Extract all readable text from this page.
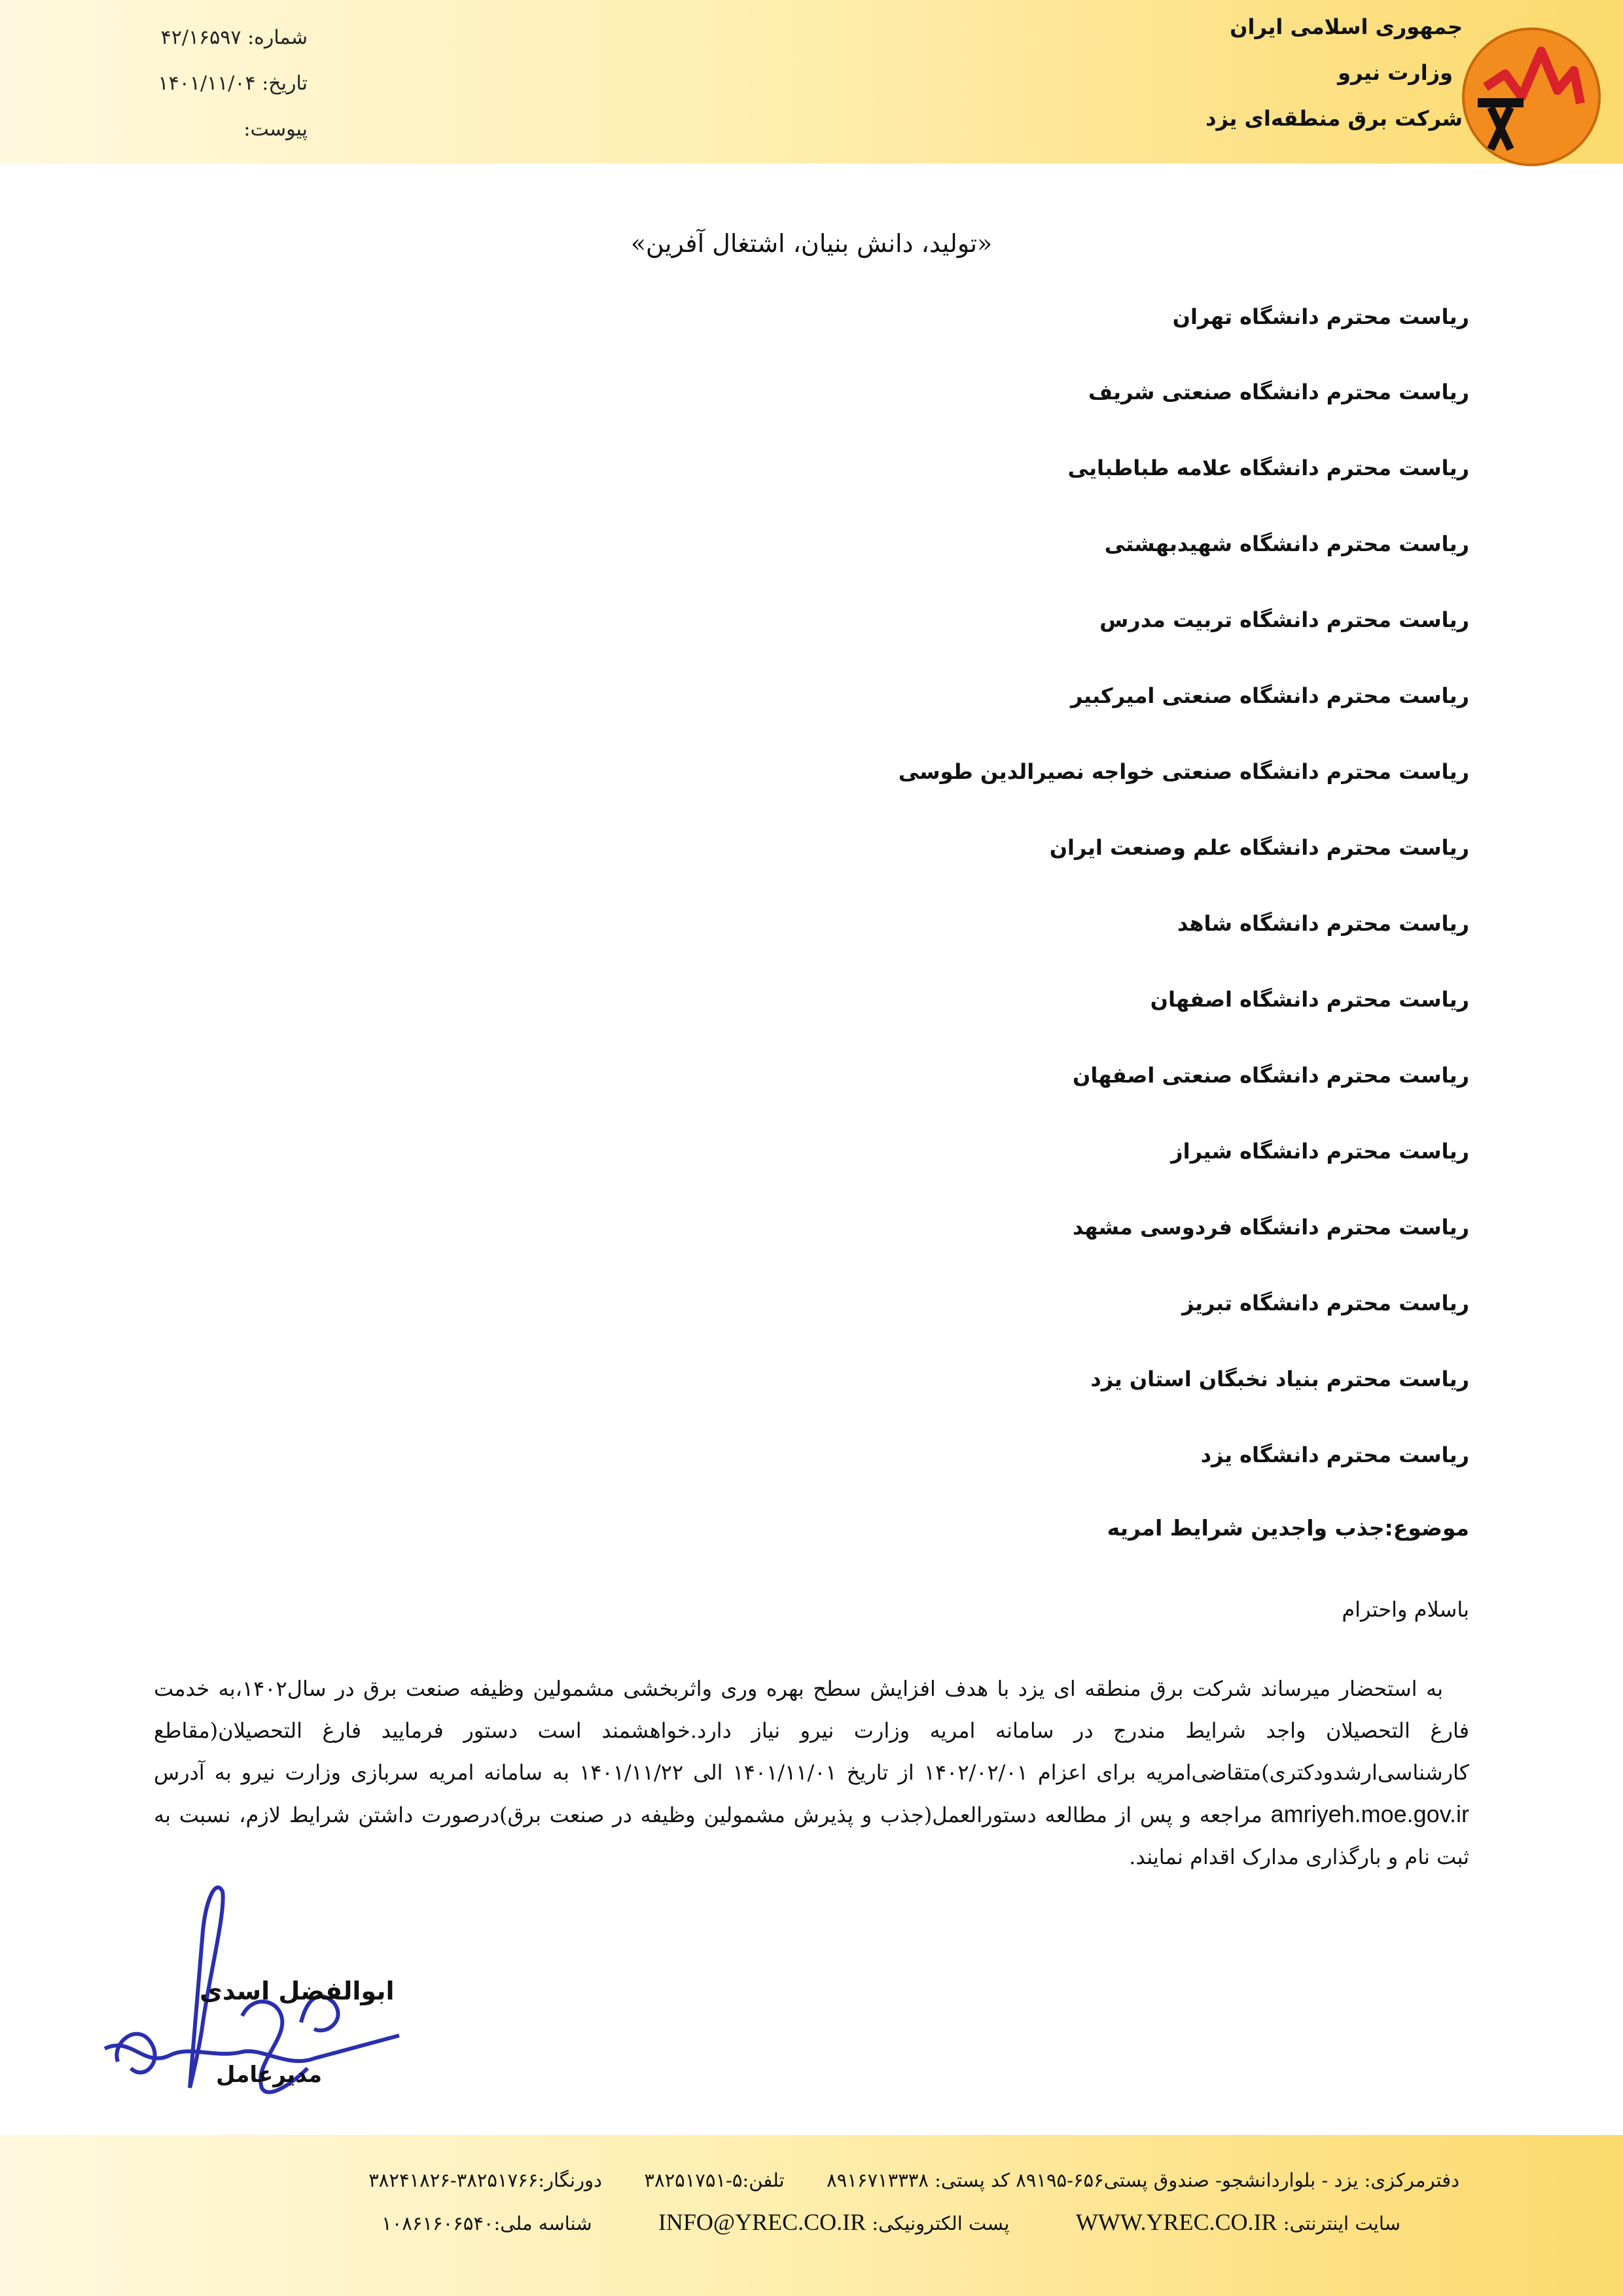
جمهوری اسلامی ایران
وزارت نیرو
شرکت برق منطقه‌ای یزد
شماره: ۴۲/۱۶۵۹۷
تاریخ: ۱۴۰۱/۱۱/۰۴
پیوست:
«تولید، دانش بنیان، اشتغال آفرین»
ریاست محترم دانشگاه تهران
ریاست محترم دانشگاه صنعتی شریف
ریاست محترم دانشگاه علامه طباطبایی
ریاست محترم دانشگاه شهیدبهشتی
ریاست محترم دانشگاه تربیت مدرس
ریاست محترم دانشگاه صنعتی امیرکبیر
ریاست محترم دانشگاه صنعتی خواجه نصیرالدین طوسی
ریاست محترم دانشگاه علم وصنعت ایران
ریاست محترم دانشگاه شاهد
ریاست محترم دانشگاه اصفهان
ریاست محترم دانشگاه صنعتی اصفهان
ریاست محترم دانشگاه شیراز
ریاست محترم دانشگاه فردوسی مشهد
ریاست محترم دانشگاه تبریز
ریاست محترم بنیاد نخبگان استان یزد
ریاست محترم دانشگاه یزد
موضوع:جذب واجدین شرایط امریه
باسلام واحترام

به استحضار میرساند شرکت برق منطقه ای یزد با هدف افزایش سطح بهره وری واثربخشی مشمولین وظیفه صنعت برق در سال۱۴۰۲،به خدمت فارغ التحصیلان واجد شرایط مندرج در سامانه امریه وزارت نیرو نیاز دارد.خواهشمند است دستور فرمایید فارغ التحصیلان(مقاطع کارشناسی‌ارشدودکتری)متقاضی‌امریه برای اعزام ۱۴۰۲/۰۲/۰۱ از تاریخ ۱۴۰۱/۱۱/۰۱ الی ۱۴۰۱/۱۱/۲۲ به سامانه امریه سربازی وزارت نیرو به آدرس amriyeh.moe.gov.ir مراجعه و پس از مطالعه دستورالعمل(جذب و پذیرش مشمولین وظیفه در صنعت برق)درصورت داشتن شرایط لازم، نسبت به ثبت نام و بارگذاری مدارک اقدام نمایند.

ابوالفضل اسدی
مدیرعامل
دفترمرکزی: یزد - بلواردانشجو- صندوق پستی۶۵۶-۸۹۱۹۵ کد پستی: ۸۹۱۶۷۱۳۳۳۸       تلفن:۵-۳۸۲۵۱۷۵۱       دورنگار:۳۸۲۵۱۷۶۶-۳۸۲۴۱۸۲۶
سایت اینترنتی: WWW.YREC.CO.IR           پست الکترونیکی: INFO@YREC.CO.IR           شناسه ملی:۱۰۸۶۱۶۰۶۵۴۰
